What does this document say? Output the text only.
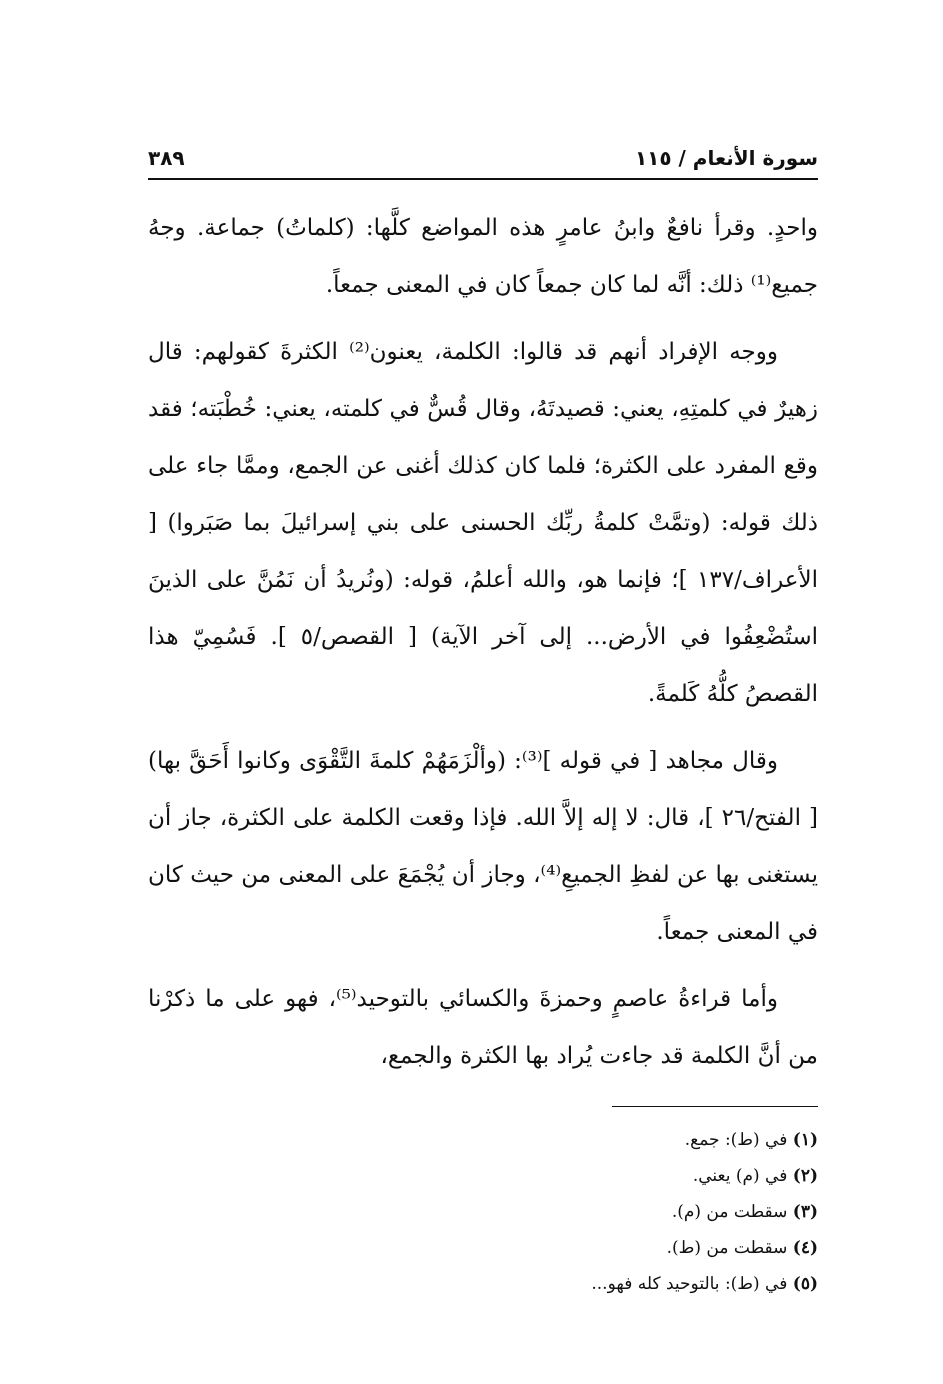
سورة الأنعام / ١١٥
٣٨٩

واحدٍ. وقرأ نافعٌ وابنُ عامرٍ هذه المواضع كلَّها: (كلماتُ) جماعة. وجهُ جميع⁽¹⁾ ذلك: أنَّه لما كان جمعاً كان في المعنى جمعاً.

ووجه الإفراد أنهم قد قالوا: الكلمة، يعنون⁽²⁾ الكثرةَ كقولهم: قال زهيرٌ في كلمتِهِ، يعني: قصيدتَهُ، وقال قُسٌّ في كلمته، يعني: خُطْبَته؛ فقد وقع المفرد على الكثرة؛ فلما كان كذلك أغنى عن الجمع، وممَّا جاء على ذلك قوله: (وتمَّتْ كلمةُ ربِّك الحسنى على بني إسرائيلَ بما صَبَروا) [ الأعراف/١٣٧ ]؛ فإنما هو، والله أعلمُ، قوله: (ونُريدُ أن نَمُنَّ على الذينَ استُضْعِفُوا في الأرض... إلى آخر الآية) [ القصص/٥ ]. فَسُمِيّ هذا القصصُ كلُّهُ كَلمةً.

وقال مجاهد [ في قوله ]⁽³⁾: (وألْزَمَهُمْ كلمةَ التَّقْوَى وكانوا أَحَقَّ بها) [ الفتح/٢٦ ]، قال: لا إله إلاَّ الله. فإذا وقعت الكلمة على الكثرة، جاز أن يستغنى بها عن لفظِ الجميعِ⁽⁴⁾، وجاز أن يُجْمَعَ على المعنى من حيث كان في المعنى جمعاً.

وأما قراءةُ عاصمٍ وحمزةَ والكسائي بالتوحيد⁽⁵⁾، فهو على ما ذكرْنا من أنَّ الكلمة قد جاءت يُراد بها الكثرة والجمع،

(١) في (ط): جمع.
(٢) في (م) يعني.
(٣) سقطت من (م).
(٤) سقطت من (ط).
(٥) في (ط): بالتوحيد كله فهو...
